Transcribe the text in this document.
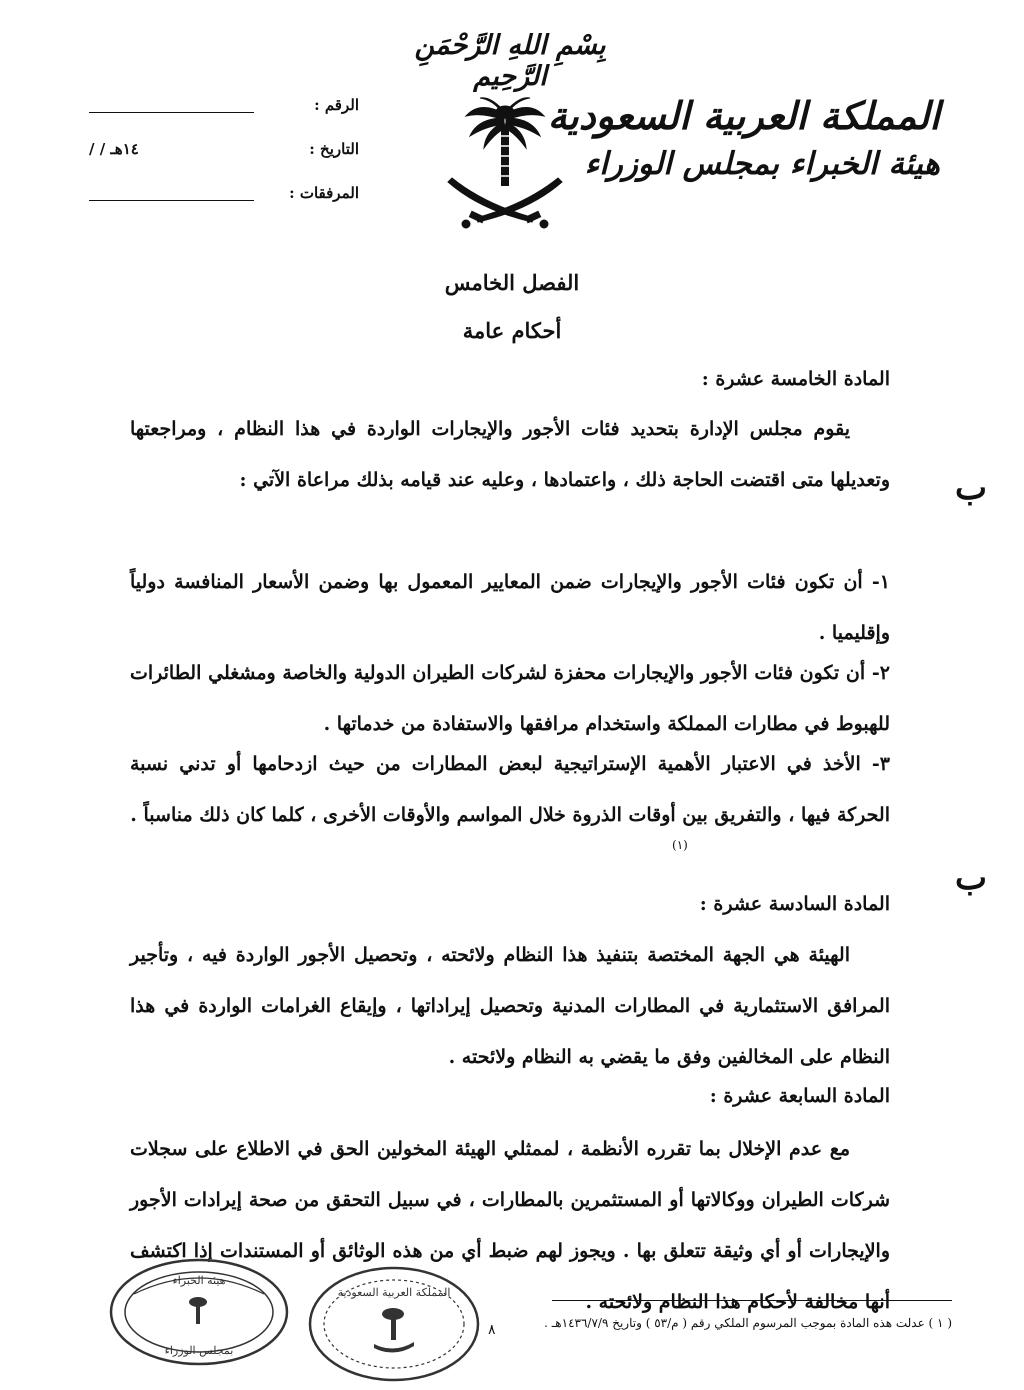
بِسْمِ اللهِ الرَّحْمَنِ الرَّحِيم
المملكة العربية السعودية
هيئة الخبراء بمجلس الوزراء
الرقم :
التاريخ :
١٤هـ / /
المرفقات :
الفصل الخامس
أحكام عامة
المادة الخامسة عشرة :
يقوم مجلس الإدارة بتحديد فئات الأجور والإيجارات الواردة في هذا النظام ، ومراجعتها وتعديلها متى اقتضت الحاجة ذلك ، واعتمادها ، وعليه عند قيامه بذلك مراعاة الآتي :
١- أن تكون فئات الأجور والإيجارات ضمن المعايير المعمول بها وضمن الأسعار المنافسة دولياً وإقليميا .
٢- أن تكون فئات الأجور والإيجارات محفزة لشركات الطيران الدولية والخاصة ومشغلي الطائرات للهبوط في مطارات المملكة واستخدام مرافقها والاستفادة من خدماتها .
٣- الأخذ في الاعتبار الأهمية الإستراتيجية لبعض المطارات من حيث ازدحامها أو تدني نسبة الحركة فيها ، والتفريق بين أوقات الذروة خلال المواسم والأوقات الأخرى ، كلما كان ذلك مناسباً .
(١)
المادة السادسة عشرة :
الهيئة هي الجهة المختصة بتنفيذ هذا النظام ولائحته ، وتحصيل الأجور الواردة فيه ، وتأجير المرافق الاستثمارية في المطارات المدنية وتحصيل إيراداتها ، وإيقاع الغرامات الواردة في هذا النظام على المخالفين وفق ما يقضي به النظام ولائحته .
المادة السابعة عشرة :
مع عدم الإخلال بما تقرره الأنظمة ، لممثلي الهيئة المخولين الحق في الاطلاع على سجلات شركات الطيران ووكالاتها أو المستثمرين بالمطارات ، في سبيل التحقق من صحة إيرادات الأجور والإيجارات أو أي وثيقة تتعلق بها . ويجوز لهم ضبط أي من هذه الوثائق أو المستندات إذا اكتشف أنها مخالفة لأحكام هذا النظام ولائحته .
( ١ ) عدلت هذه المادة بموجب المرسوم الملكي رقم ( م/٥٣ ) وتاريخ ١٤٣٦/٧/٩هـ .
٨
ب
ب
هيئة الخبراء
بمجلس الوزراء
المملكة العربية السعودية
